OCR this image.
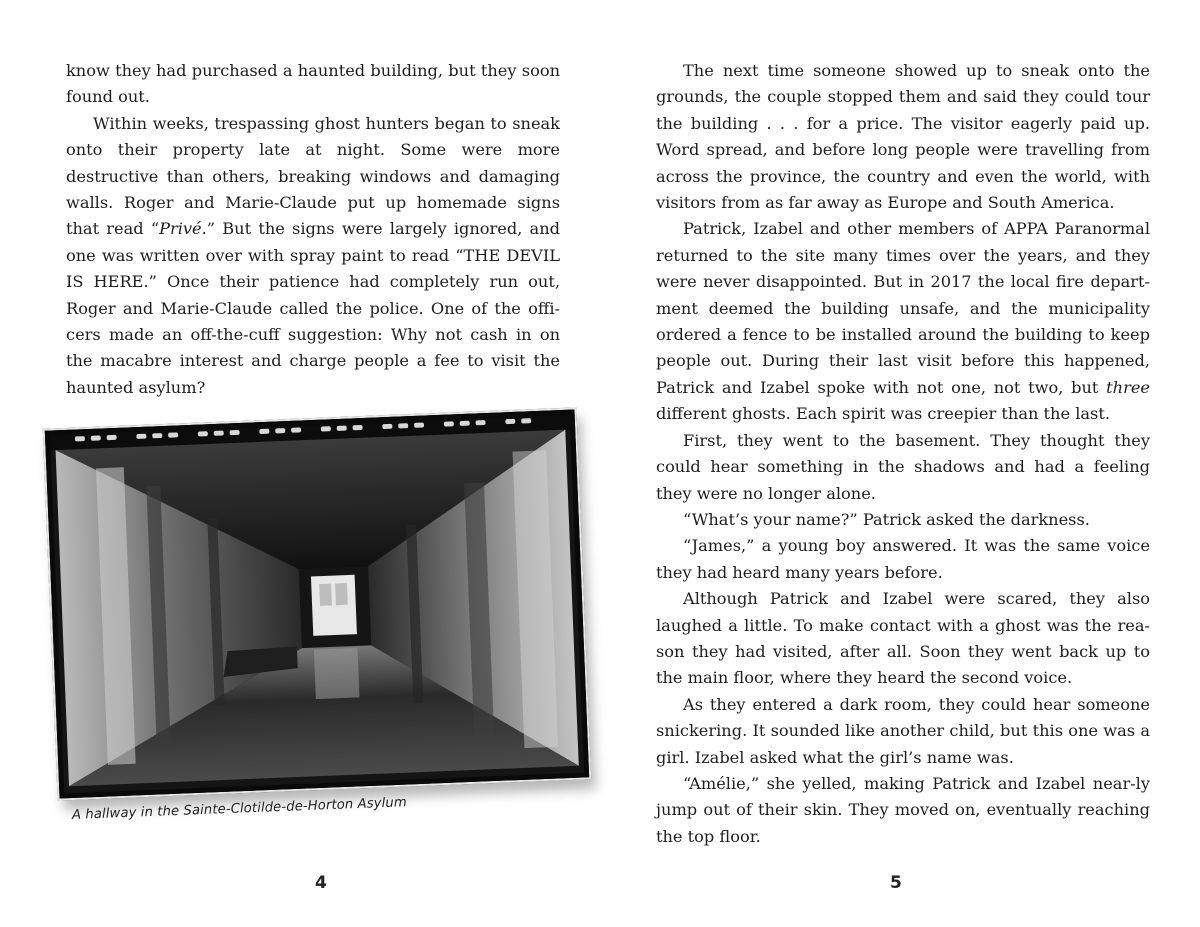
know they had purchased a haunted building, but they soon found out.

Within weeks, trespassing ghost hunters began to sneak onto their property late at night. Some were more destructive than others, breaking windows and damaging walls. Roger and Marie-Claude put up homemade signs that read “Privé.” But the signs were largely ignored, and one was written over with spray paint to read “THE DEVIL IS HERE.” Once their patience had completely run out, Roger and Marie-Claude called the police. One of the offi-cers made an off-the-cuff suggestion: Why not cash in on the macabre interest and charge people a fee to visit the haunted asylum?

A hallway in the Sainte-Clotilde-de-Horton Asylum
4

The next time someone showed up to sneak onto the grounds, the couple stopped them and said they could tour the building . . . for a price. The visitor eagerly paid up. Word spread, and before long people were travelling from across the province, the country and even the world, with visitors from as far away as Europe and South America.

Patrick, Izabel and other members of APPA Paranormal returned to the site many times over the years, and they were never disappointed. But in 2017 the local fire depart-ment deemed the building unsafe, and the municipality ordered a fence to be installed around the building to keep people out. During their last visit before this happened, Patrick and Izabel spoke with not one, not two, but three different ghosts. Each spirit was creepier than the last.

First, they went to the basement. They thought they could hear something in the shadows and had a feeling they were no longer alone.

“What’s your name?” Patrick asked the darkness.

“James,” a young boy answered. It was the same voice they had heard many years before.

Although Patrick and Izabel were scared, they also laughed a little. To make contact with a ghost was the rea-son they had visited, after all. Soon they went back up to the main floor, where they heard the second voice.

As they entered a dark room, they could hear someone snickering. It sounded like another child, but this one was a girl. Izabel asked what the girl’s name was.

“Amélie,” she yelled, making Patrick and Izabel near-ly jump out of their skin. They moved on, eventually reaching the top floor.

5
